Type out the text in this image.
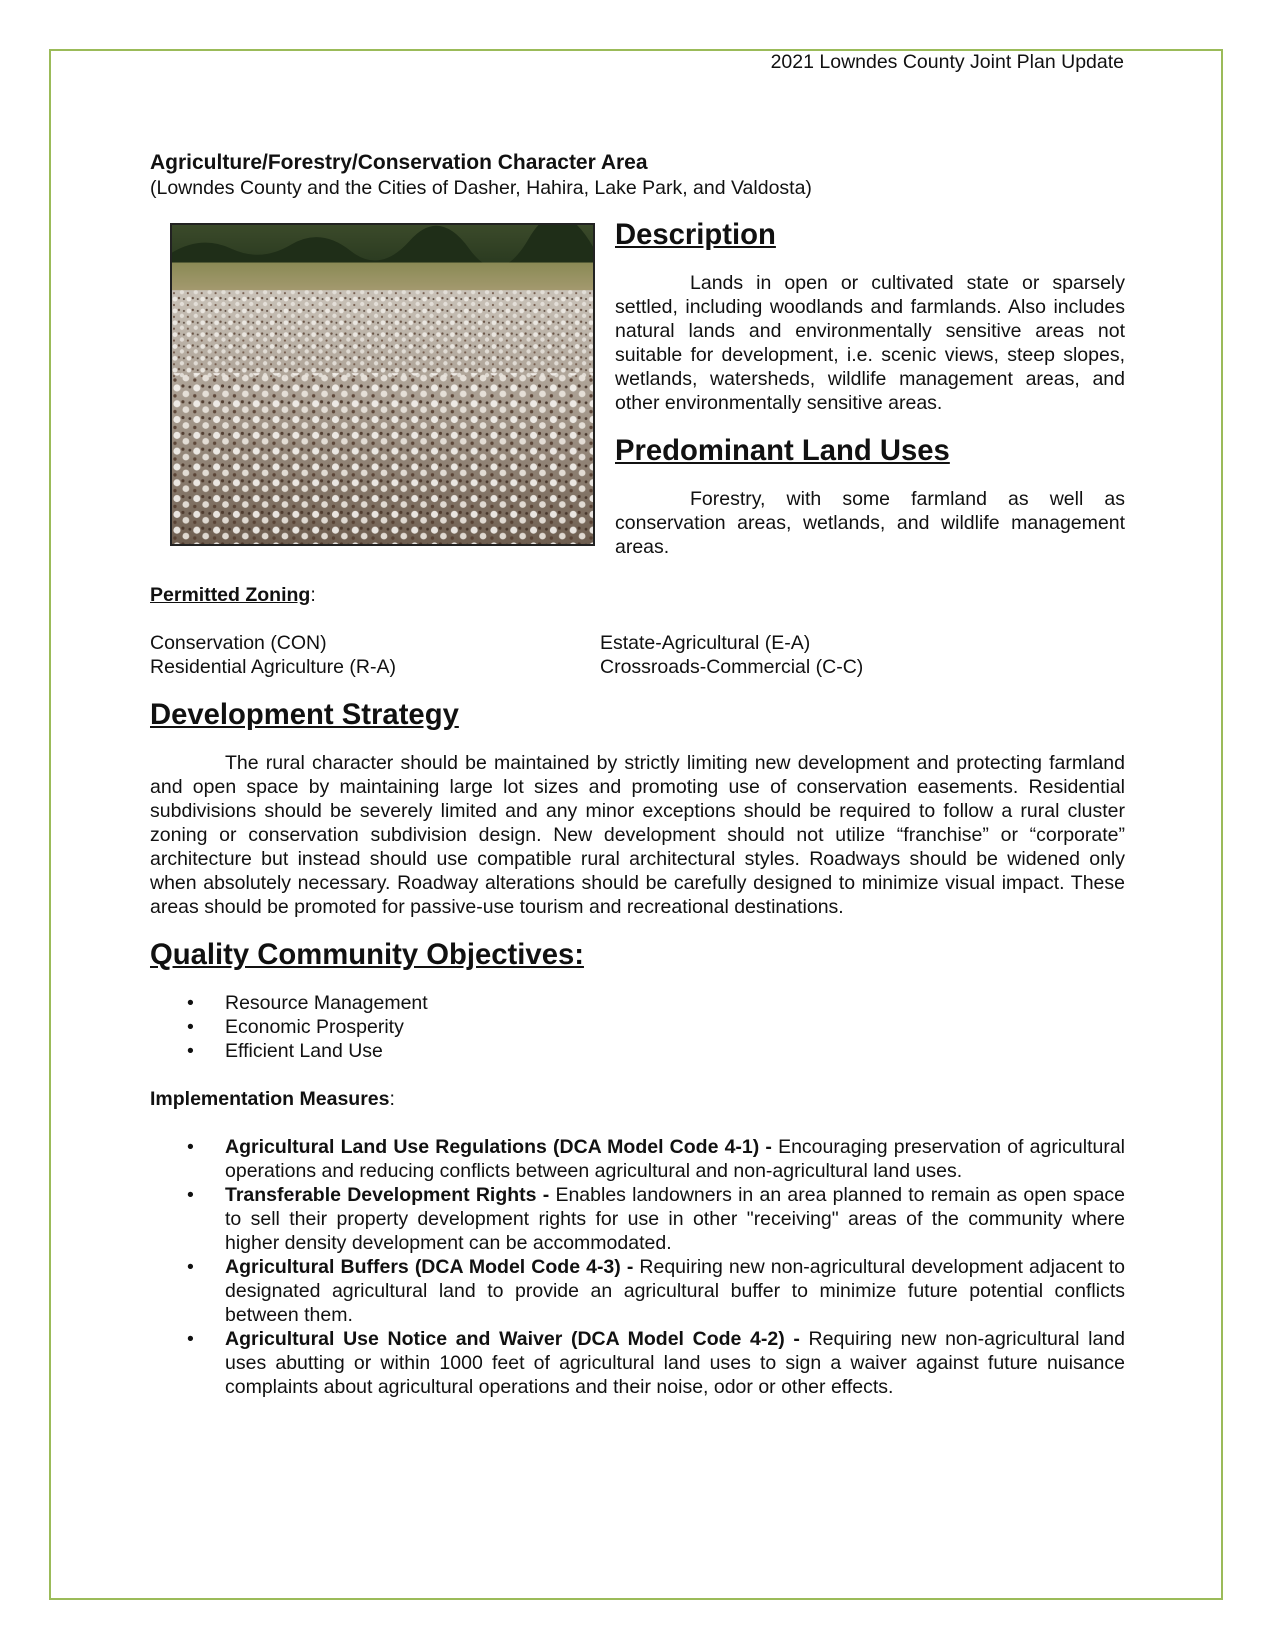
2021 Lowndes County Joint Plan Update
Agriculture/Forestry/Conservation Character Area

(Lowndes County and the Cities of Dasher, Hahira, Lake Park, and Valdosta)

Description

Lands in open or cultivated state or sparsely settled, including woodlands and farmlands. Also includes natural lands and environmentally sensitive areas not suitable for development, i.e. scenic views, steep slopes, wetlands, watersheds, wildlife management areas, and other environmentally sensitive areas.

Predominant Land Uses

Forestry, with some farmland as well as conservation areas, wetlands, and wildlife management areas.

Permitted Zoning:

Conservation (CON)	Estate-Agricultural (E-A)
Residential Agriculture (R-A)	Crossroads-Commercial (C-C)
Development Strategy

The rural character should be maintained by strictly limiting new development and protecting farmland and open space by maintaining large lot sizes and promoting use of conservation easements. Residential subdivisions should be severely limited and any minor exceptions should be required to follow a rural cluster zoning or conservation subdivision design. New development should not utilize “franchise” or “corporate” architecture but instead should use compatible rural architectural styles. Roadways should be widened only when absolutely necessary. Roadway alterations should be carefully designed to minimize visual impact. These areas should be promoted for passive-use tourism and recreational destinations.

Quality Community Objectives:
• Resource Management
• Economic Prosperity
• Efficient Land Use

Implementation Measures:

• Agricultural Land Use Regulations (DCA Model Code 4-1) - Encouraging preservation of agricultural operations and reducing conflicts between agricultural and non-agricultural land uses.
• Transferable Development Rights - Enables landowners in an area planned to remain as open space to sell their property development rights for use in other "receiving" areas of the community where higher density development can be accommodated.
• Agricultural Buffers (DCA Model Code 4-3) - Requiring new non-agricultural development adjacent to designated agricultural land to provide an agricultural buffer to minimize future potential conflicts between them.
• Agricultural Use Notice and Waiver (DCA Model Code 4-2) - Requiring new non-agricultural land uses abutting or within 1000 feet of agricultural land uses to sign a waiver against future nuisance complaints about agricultural operations and their noise, odor or other effects.
